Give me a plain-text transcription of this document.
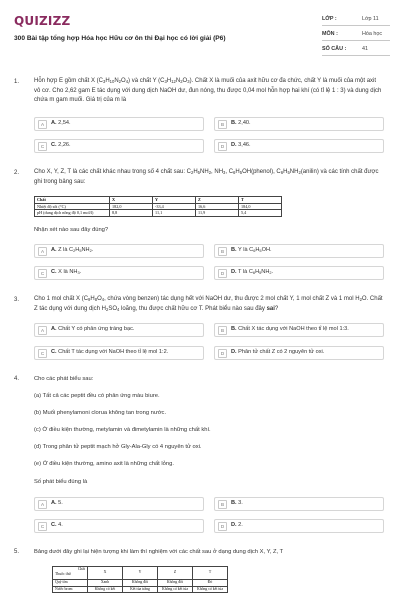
QUIZIZZ
300 Bài tập tổng hợp Hóa học Hữu cơ ôn thi Đại học có lời giải (P6)
LỚP :	Lớp 11
MÔN :	Hóa học
SỐ CÂU :	41
1. Hỗn hợp E gồm chất X $(C_3H_{10}N_2O_4)$ và chất Y $(C_3H_{12}N_2O_3)$. Chất X là muối của axit hữu cơ đa chức, chất Y là muối của một axit vô cơ. Cho 2,62 gam E tác dụng với dung dịch NaOH dư, đun nóng, thu được 0,04 mol hỗn hợp hai khí (có tỉ lệ 1 : 3) và dung dịch chứa m gam muối. Giá trị của m là
A	A. 2,54.	B	B. 2,40.
C	C. 2,26.	D	D. 3,46.
2. Cho X, Y, Z, T là các chất khác nhau trong số 4 chất sau: $C_2H_5NH_2$, $NH_3$, $C_6H_5OH(phenol)$, $C_6H_5NH_2(anilin)$ và các tính chất được ghi trong bảng sau:
Chất	X	Y	Z	T
Nhiệt độ sôi (°C)	182,0	-33,4	16,6	184,0
pH (dung dịch nồng độ 0,1 mol/l)	8,8	11,1	11,9	5,4
Nhận xét nào sau đây đúng?
A	A. Z là $C_2H_5NH_2$.	B	B. Y là $C_6H_5OH$.
C	C. X là $NH_3$.	D	D. T là $C_6H_5NH_2$.
3. Cho 1 mol chất X ($C_9H_8O_4$, chứa vòng benzen) tác dụng hết với NaOH dư, thu được 2 mol chất Y, 1 mol chất Z và 1 mol $H_2O$. Chất Z tác dụng với dung dịch $H_2SO_4$ loãng, thu được chất hữu cơ T. Phát biểu nào sau đây sai?
A	A. Chất Y có phản ứng tráng bạc.	B	B. Chất X tác dụng với NaOH theo tỉ lệ mol 1:3.
C	C. Chất T tác dụng với NaOH theo tỉ lệ mol 1:2.	D	D. Phân tử chất Z có 2 nguyên tử oxi.
4.	Cho các phát biểu sau:
(a) Tất cả các peptit đều có phản ứng màu biure.
(b) Muối phenylamoni clorua không tan trong nước.
(c) Ở điều kiện thường, metylamin và đimetylamin là những chất khí.
(d) Trong phân tử peptit mạch hở Gly-Ala-Gly có 4 nguyên tử oxi.
(e) Ở điều kiện thường, amino axit là những chất lỏng.
Số phát biểu đúng là
A	A. 5.	B	B. 3.
C	C. 4.	D	D. 2.
5.	Bảng dưới đây ghi lại hiện tượng khi làm thí nghiệm với các chất sau ở dạng dung dịch X, Y, Z, T
Chất
Thuốc thử	X	Y	Z	T
Quỳ tím	Xanh	Không đổi	Không đổi	Đỏ
Nước brom	Không có kết	Kết tủa trắng	Không có kết tủa	Không có kết tủa
